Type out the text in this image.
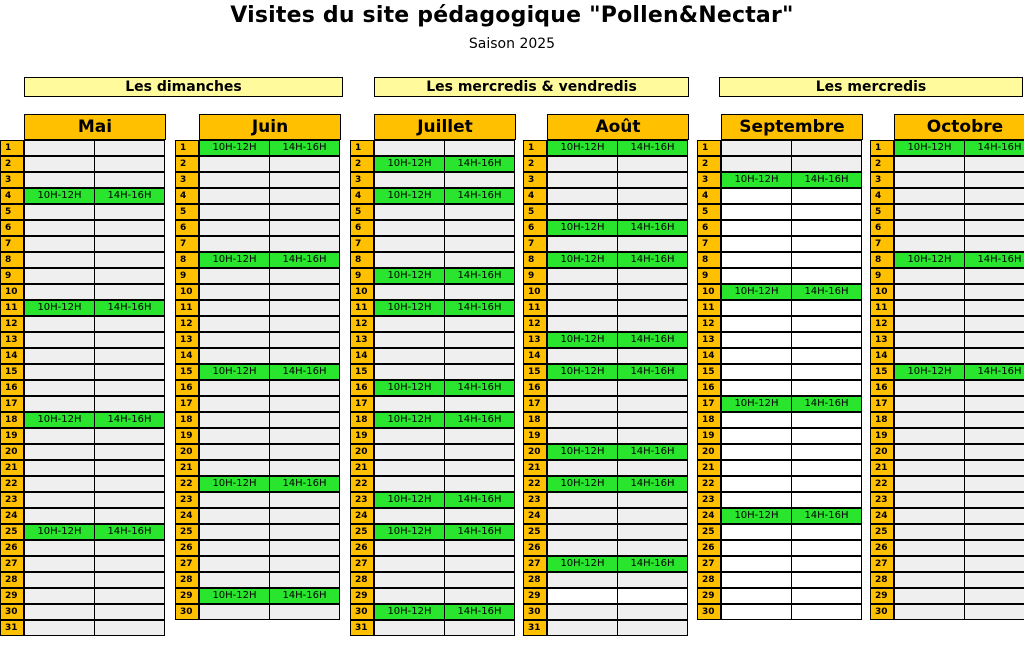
Visites du site pédagogique "Pollen&Nectar"
Saison 2025
Les dimanches	Les mercredis & vendredis	Les mercredis
Mai
1
2
3
4	10H-12H	14H-16H
5
6
7
8
9
10
11	10H-12H	14H-16H
12
13
14
15
16
17
18	10H-12H	14H-16H
19
20
21
22
23
24
25	10H-12H	14H-16H
26
27
28
29
30
31
Juin
1	10H-12H	14H-16H
2
3
4
5
6
7
8	10H-12H	14H-16H
9
10
11
12
13
14
15	10H-12H	14H-16H
16
17
18
19
20
21
22	10H-12H	14H-16H
23
24
25
26
27
28
29	10H-12H	14H-16H
30
Juillet
1
2	10H-12H	14H-16H
3
4	10H-12H	14H-16H
5
6
7
8
9	10H-12H	14H-16H
10
11	10H-12H	14H-16H
12
13
14
15
16	10H-12H	14H-16H
17
18	10H-12H	14H-16H
19
20
21
22
23	10H-12H	14H-16H
24
25	10H-12H	14H-16H
26
27
28
29
30	10H-12H	14H-16H
31
Août
1	10H-12H	14H-16H
2
3
4
5
6	10H-12H	14H-16H
7
8	10H-12H	14H-16H
9
10
11
12
13	10H-12H	14H-16H
14
15	10H-12H	14H-16H
16
17
18
19
20	10H-12H	14H-16H
21
22	10H-12H	14H-16H
23
24
25
26
27	10H-12H	14H-16H
28
29
30
31
Septembre
1
2
3	10H-12H	14H-16H
4
5
6
7
8
9
10	10H-12H	14H-16H
11
12
13
14
15
16
17	10H-12H	14H-16H
18
19
20
21
22
23
24	10H-12H	14H-16H
25
26
27
28
29
30
Octobre
1	10H-12H	14H-16H
2
3
4
5
6
7
8	10H-12H	14H-16H
9
10
11
12
13
14
15	10H-12H	14H-16H
16
17
18
19
20
21
22
23
24
25
26
27
28
29
30
